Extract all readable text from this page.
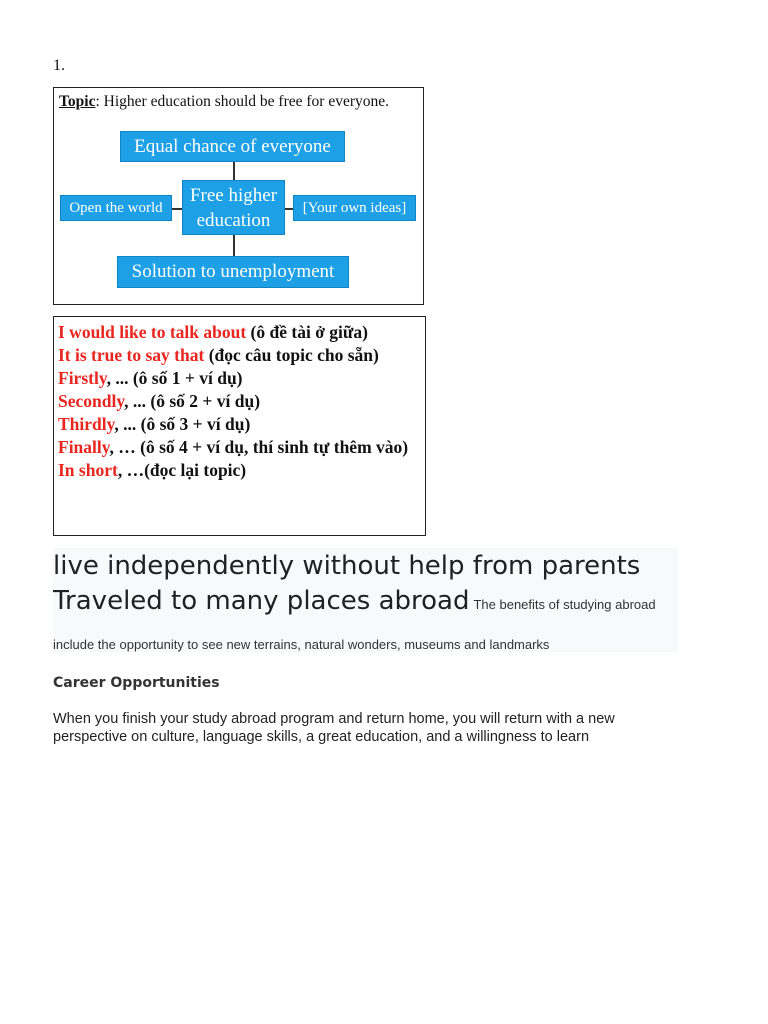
1.
Topic: Higher education should be free for everyone.
Equal chance of everyone
Free higher education
Open the world	[Your own ideas]
Solution to unemployment
I would like to talk about (ô đề tài ở giữa)
It is true to say that (đọc câu topic cho sẵn)
Firstly, ... (ô số 1 + ví dụ)
Secondly, ... (ô số 2 + ví dụ)
Thirdly, ... (ô số 3 + ví dụ)
Finally, … (ô số 4 + ví dụ, thí sinh tự thêm vào)
In short, …(đọc lại topic)
live independently without help from parents
Traveled to many places abroad The benefits of studying abroad
include the opportunity to see new terrains, natural wonders, museums and landmarks
Career Opportunities
When you finish your study abroad program and return home, you will return with a new perspective on culture, language skills, a great education, and a willingness to learn
